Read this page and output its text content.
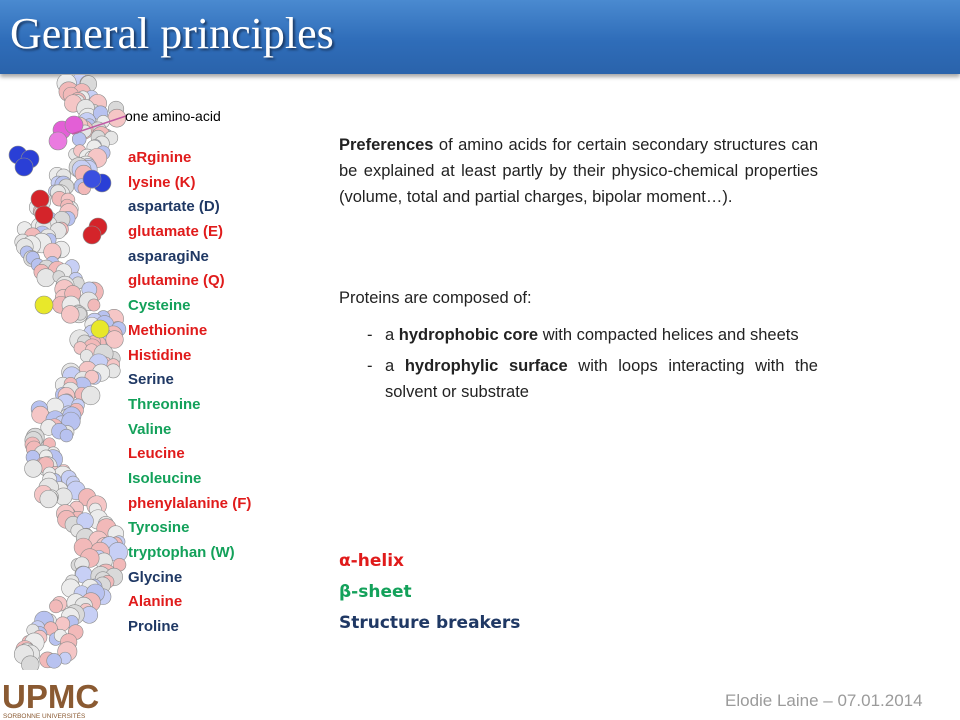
General principles
one amino-acid
aRginine
lysine (K)
aspartate (D)
glutamate (E)
asparagiNe
glutamine (Q)
Cysteine
Methionine
Histidine
Serine
Threonine
Valine
Leucine
Isoleucine
phenylalanine (F)
Tyrosine
tryptophan (W)
Glycine
Alanine
Proline

Preferences of amino acids for certain secondary structures can be explained at least partly by their physico-chemical properties (volume, total and partial charges, bipolar moment…).

Proteins are composed of:

- a hydrophobic core with compacted helices and sheets
- a hydrophylic surface with loops interacting with the solvent or substrate
α-helix
β-sheet
Structure breakers
UPMC
SORBONNE UNIVERSITÉS
Elodie Laine – 07.01.2014
